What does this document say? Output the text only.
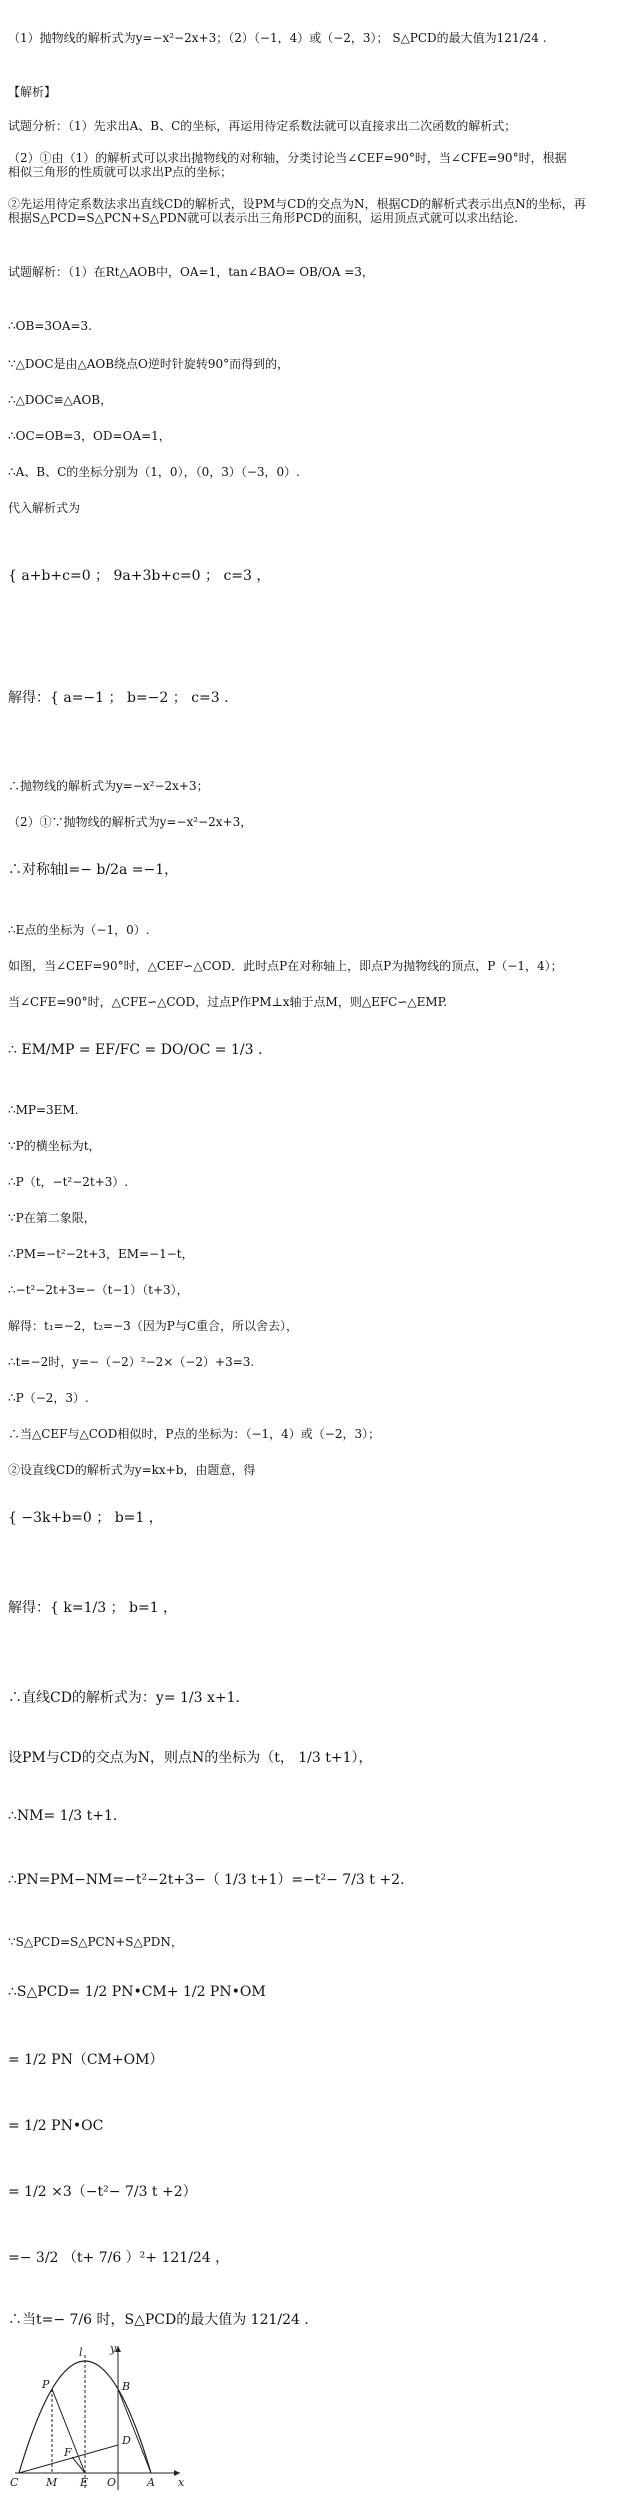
（1）抛物线的解析式为y=−x²−2x+3；（2）（−1，4）或（−2，3）； S△PCD的最大值为121/24 .
【解析】
试题分析：（1）先求出A、B、C的坐标，再运用待定系数法就可以直接求出二次函数的解析式；
（2）①由（1）的解析式可以求出抛物线的对称轴，分类讨论当∠CEF=90°时，当∠CFE=90°时，根据
相似三角形的性质就可以求出P点的坐标；
②先运用待定系数法求出直线CD的解析式，设PM与CD的交点为N，根据CD的解析式表示出点N的坐标，再
根据S△PCD=S△PCN+S△PDN就可以表示出三角形PCD的面积，运用顶点式就可以求出结论.
试题解析：（1）在Rt△AOB中，OA=1，tan∠BAO= OB/OA =3，
∴OB=3OA=3.
∵△DOC是由△AOB绕点O逆时针旋转90°而得到的，
∴△DOC≌△AOB，
∴OC=OB=3，OD=OA=1，
∴A、B、C的坐标分别为（1，0），（0，3）（−3，0）.
代入解析式为
{ a+b+c=0 ； 9a+3b+c=0 ； c=3 ，
解得：{ a=−1 ； b=−2 ； c=3 .
∴抛物线的解析式为y=−x²−2x+3；
（2）①∵抛物线的解析式为y=−x²−2x+3，
∴对称轴l=− b/2a =−1，
∴E点的坐标为（−1，0）.
如图，当∠CEF=90°时，△CEF∽△COD．此时点P在对称轴上，即点P为抛物线的顶点，P（−1，4）；
当∠CFE=90°时，△CFE∽△COD，过点P作PM⊥x轴于点M，则△EFC∽△EMP.
∴ EM/MP = EF/FC = DO/OC = 1/3 .
∴MP=3EM.
∵P的横坐标为t，
∴P（t，−t²−2t+3）.
∵P在第二象限，
∴PM=−t²−2t+3，EM=−1−t，
∴−t²−2t+3=−（t−1）（t+3），
解得：t₁=−2，t₂=−3（因为P与C重合，所以舍去），
∴t=−2时，y=−（−2）²−2×（−2）+3=3.
∴P（−2，3）.
∴当△CEF与△COD相似时，P点的坐标为：（−1，4）或（−2，3）；
②设直线CD的解析式为y=kx+b，由题意，得
{ −3k+b=0 ； b=1 ，
解得：{ k=1/3 ； b=1 ，
∴直线CD的解析式为：y= 1/3 x+1.
设PM与CD的交点为N，则点N的坐标为（t， 1/3 t+1），
∴NM= 1/3 t+1.
∴PN=PM−NM=−t²−2t+3−（ 1/3 t+1）=−t²− 7/3 t +2.
∵S△PCD=S△PCN+S△PDN，
∴S△PCD= 1/2 PN•CM+ 1/2 PN•OM
= 1/2 PN（CM+OM）
= 1/2 PN•OC
= 1/2 ×3（−t²− 7/3 t +2）
=− 3/2 （t+ 7/6 ）²+ 121/24 ，
∴当t=− 7/6 时，S△PCD的最大值为 121/24 .
y
l
B
P
D
F
C	M E O	A x
